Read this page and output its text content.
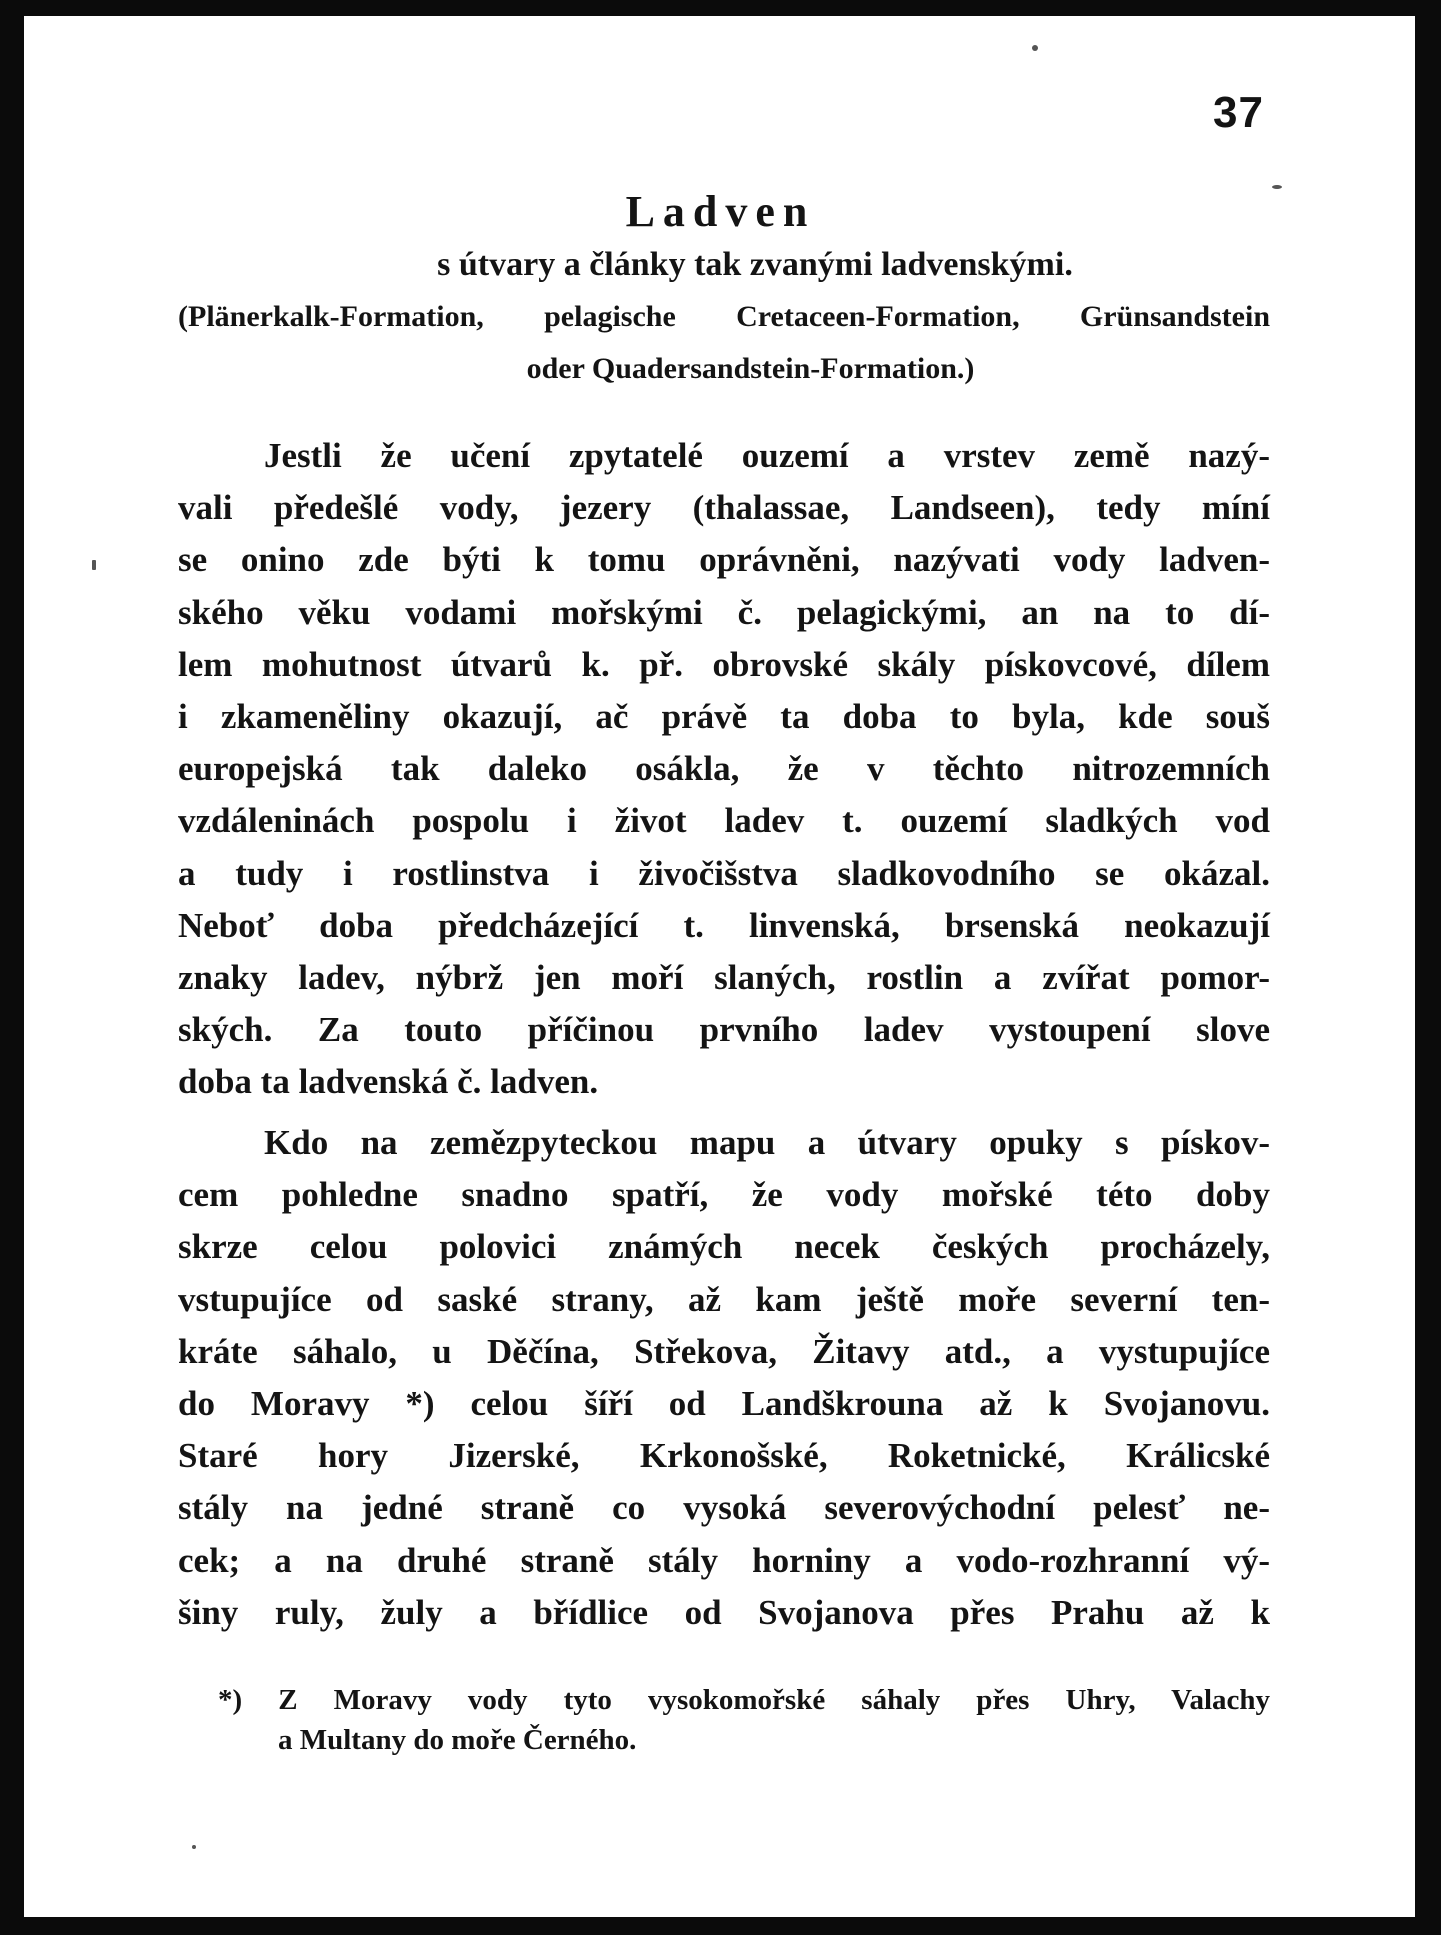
37
Ladven
s útvary a články tak zvanými ladvenskými.
(Plänerkalk-Formation, pelagische Cretaceen-Formation, Grünsandstein
oder Quadersandstein-Formation.)
Jestli že učení zpytatelé ouzemí a vrstev země nazý-
vali předešlé vody, jezery (thalassae, Landseen), tedy míní
se onino zde býti k tomu oprávněni, nazývati vody ladven-
ského věku vodami mořskými č. pelagickými, an na to dí-
lem mohutnost útvarů k. př. obrovské skály pískovcové, dílem
i zkameněliny okazují, ač právě ta doba to byla, kde souš
europejská tak daleko osákla, že v těchto nitrozemních
vzdáleninách pospolu i život ladev t. ouzemí sladkých vod
a tudy i rostlinstva i živočišstva sladkovodního se okázal.
Neboť doba předcházející t. linvenská, brsenská neokazují
znaky ladev, nýbrž jen moří slaných, rostlin a zvířat pomor-
ských. Za touto příčinou prvního ladev vystoupení slove
doba ta ladvenská č. ladven.
Kdo na zemězpyteckou mapu a útvary opuky s pískov-
cem pohledne snadno spatří, že vody mořské této doby
skrze celou polovici známých necek českých procházely,
vstupujíce od saské strany, až kam ještě moře severní ten-
kráte sáhalo, u Děčína, Střekova, Žitavy atd., a vystupujíce
do Moravy *) celou šíří od Landškrouna až k Svojanovu.
Staré hory Jizerské, Krkonošské, Roketnické, Králicské
stály na jedné straně co vysoká severovýchodní pelesť ne-
cek; a na druhé straně stály horniny a vodo-rozhranní vý-
šiny ruly, žuly a břídlice od Svojanova přes Prahu až k
*) Z Moravy vody tyto vysokomořské sáhaly přes Uhry, Valachy
a Multany do moře Černého.
